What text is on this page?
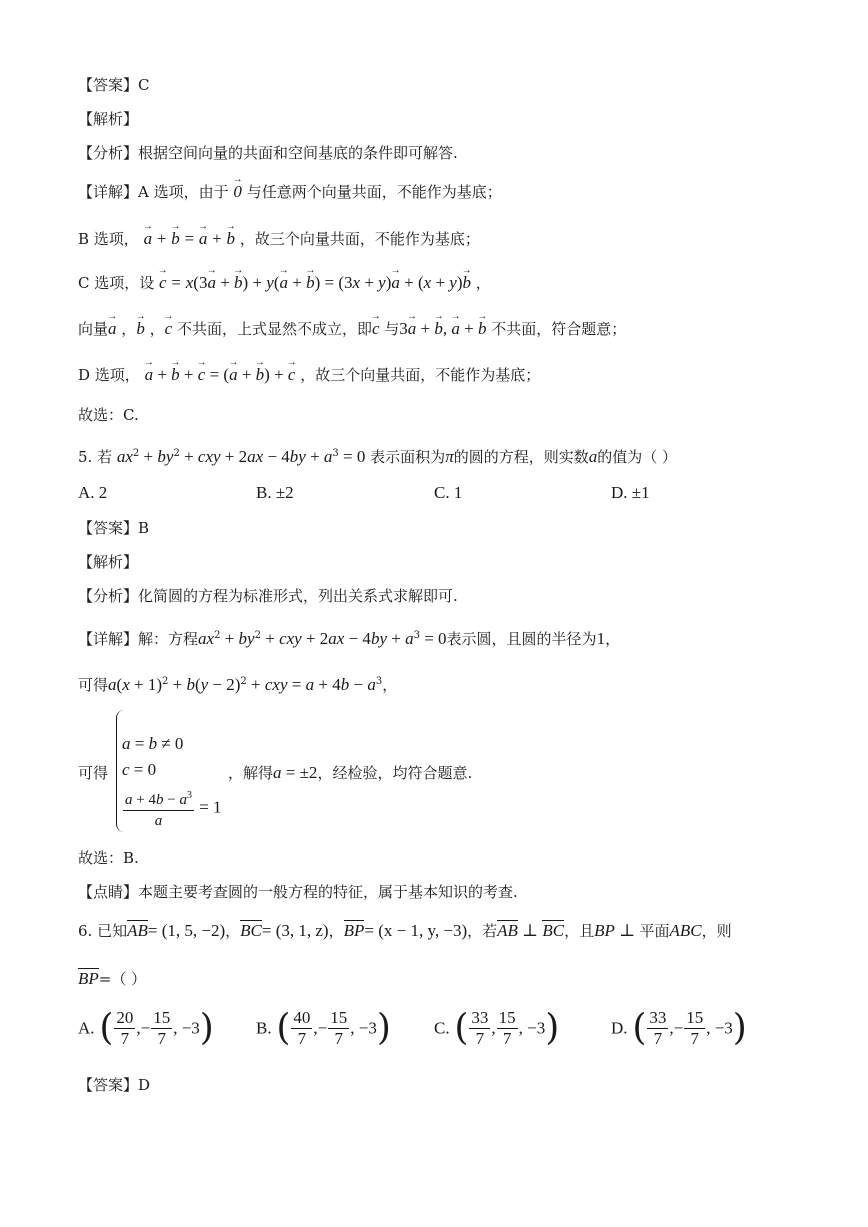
【答案】C
【解析】
【分析】根据空间向量的共面和空间基底的条件即可解答.
【详解】A 选项，由于 → 0 与任意两个向量共面，不能作为基底；
B 选项， → a + → b = → a + → b ，故三个向量共面，不能作为基底；
C 选项，设 → c = x(3→ a + → b) + y(→ a + → b) = (3x + y)→ a + (x + y)→ b ，
向量→ a ，→ b ，→ c 不共面，上式显然不成立，即→ c 与3→ a + → b, → a + → b 不共面，符合题意；
D 选项， → a + → b + → c = (→ a + → b) + → c ，故三个向量共面，不能作为基底；
故选：C.
5. 若 $ax^2 + by^2$ + cxy + $2ax - 4by + a^3 = 0$ 表示面积为π的圆的方程，则实数a的值为（ ）
A. 2	B. ±2	C. 1	D. ±1
【答案】B
【解析】
【分析】化简圆的方程为标准形式，列出关系式求解即可.
【详解】解：方程$ax^2 + by^2$ + cxy + $2ax - 4by + a^3 = 0$表示圆，且圆的半径为1，
可得$a(x + 1)^2 + b(y - 2)^2$ + cxy = $a + 4b - a^3$，
可得
a = b ≠ 0
c = 0
$\frac{a + 4b - a^3}{a} = 1$
，解得a = ±2，经检验，均符合题意.
故选：B.
【点睛】本题主要考查圆的一般方程的特征，属于基本知识的考查.
6. 已知AB= (1, 5, −2)，BC= (3, 1, z)，BP= (x − 1, y, −3)，若AB ⊥ BC，且BP ⊥ 平面ABC，则
BP=（ ）
A. ( $\frac{20}{7}$ ,− $\frac{15}{7}$ , −3) B. ( $\frac{40}{7}$ ,− $\frac{15}{7}$ , −3)	C. ( $\frac{33}{7}$ , $\frac{15}{7}$ , −3)	D. ( $\frac{33}{7}$ ,− $\frac{15}{7}$ , −3)
【答案】D
